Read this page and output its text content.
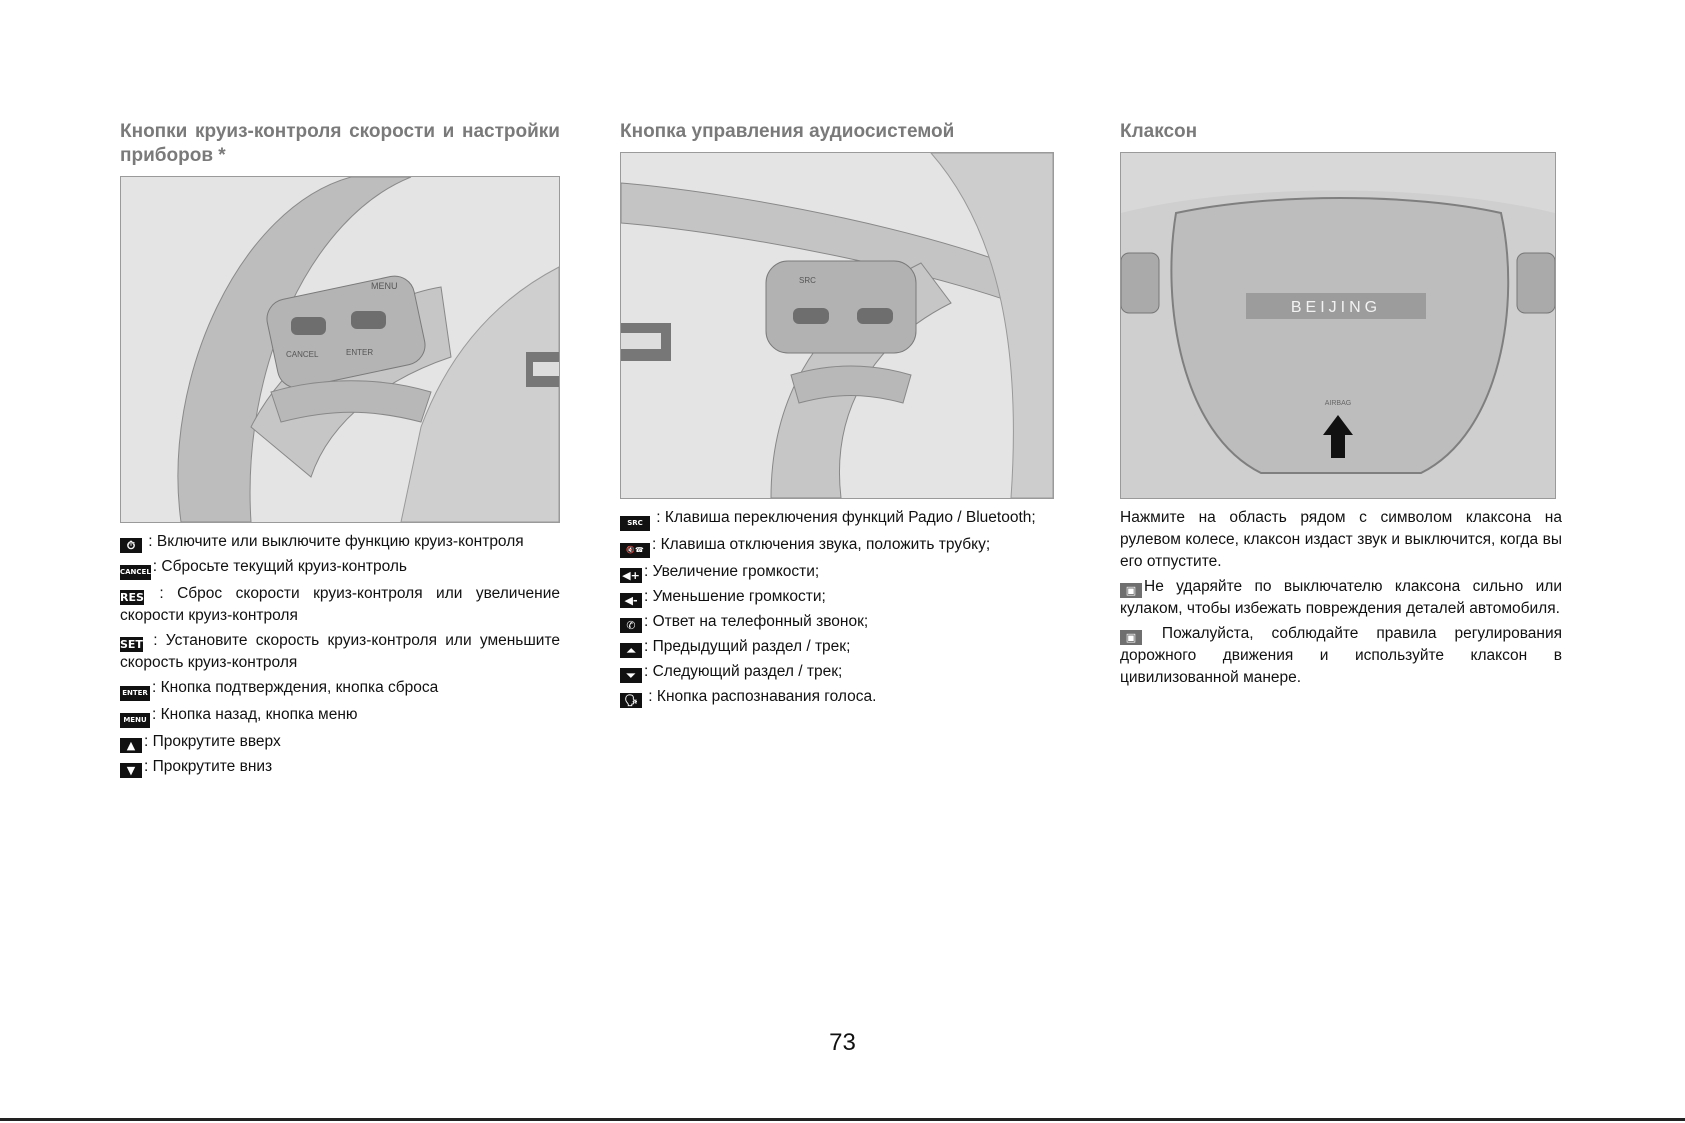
Кнопки круиз-контроля скорости и настройки приборов *
MENU
CANCEL	ENTER

⏱ : Включите или выключите функцию круиз-контроля

CANCEL : Сбросьте текущий круиз-контроль

RES : Сброс скорости круиз-контроля или увеличение скорости круиз-контроля

SET : Установите скорость круиз-контроля или уменьшите скорость круиз-контроля

ENTER : Кнопка подтверждения, кнопка сброса

MENU : Кнопка назад, кнопка меню

▲ : Прокрутите вверх

▼ : Прокрутите вниз

Кнопка управления аудиосистемой
SRC

SRC : Клавиша переключения функций Радио / Bluetooth;

🔇☎ : Клавиша отключения звука, положить трубку;

◀+ : Увеличение громкости;

◀- : Уменьшение громкости;

✆ : Ответ на телефонный звонок;

⏶ : Предыдущий раздел / трек;

⏷ : Следующий раздел / трек;

🗣 : Кнопка распознавания голоса.

Клаксон
BEIJING
AIRBAG

Нажмите на область рядом с символом клаксона на рулевом колесе, клаксон издаст звук и выключится, когда вы его отпустите.

▣ Не ударяйте по выключателю клаксона сильно или кулаком, чтобы избежать повреждения деталей автомобиля.

▣ Пожалуйста, соблюдайте правила регулирования дорожного движения и используйте клаксон в цивилизованной манере.

73
